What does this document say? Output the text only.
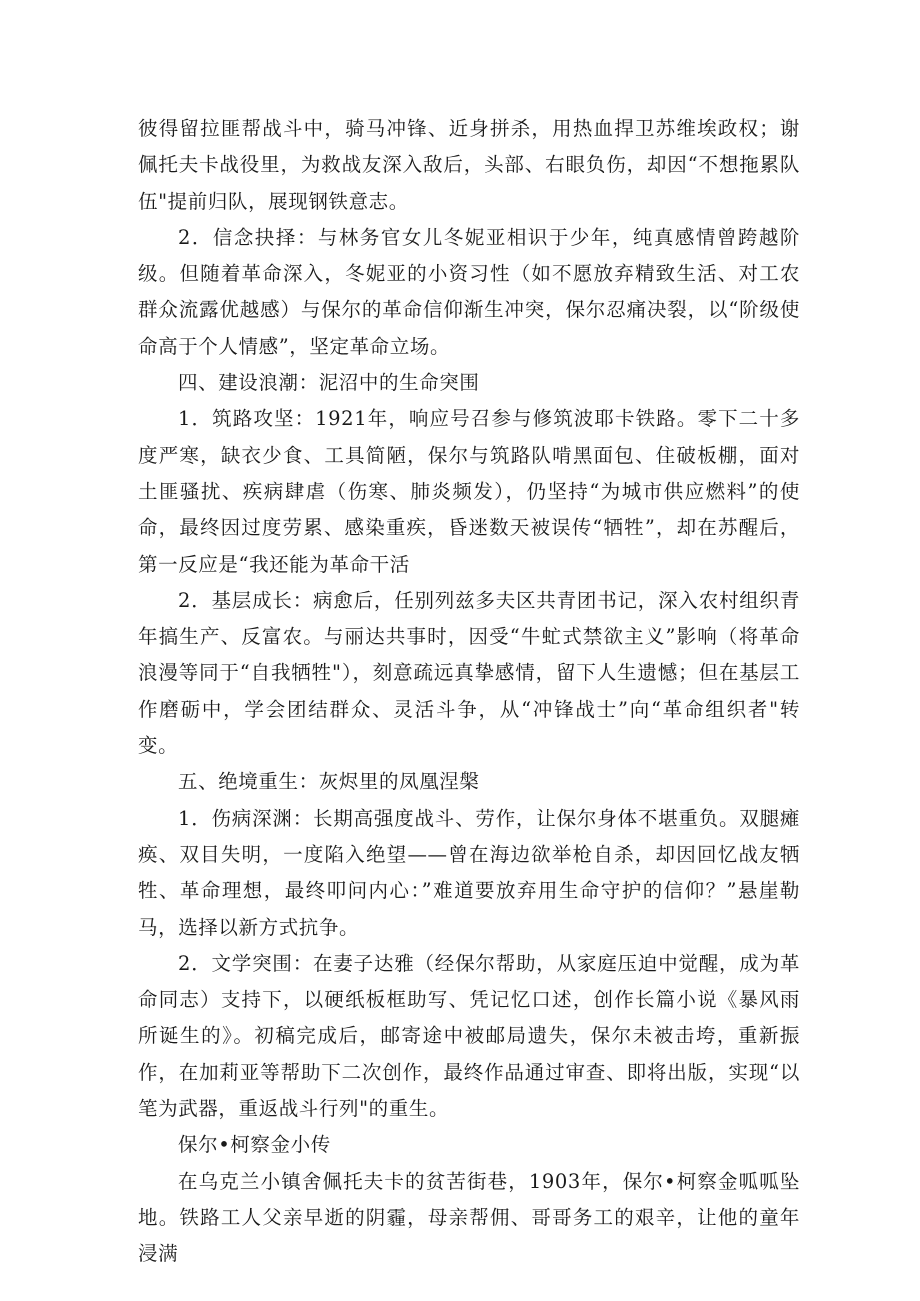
彼得留拉匪帮战斗中，骑马冲锋、近身拼杀，用热血捍卫苏维埃政权；谢佩托夫卡战役里，为救战友深入敌后，头部、右眼负伤，却因“不想拖累队伍"提前归队，展现钢铁意志。

2．信念抉择：与林务官女儿冬妮亚相识于少年，纯真感情曾跨越阶级。但随着革命深入，冬妮亚的小资习性（如不愿放弃精致生活、对工农群众流露优越感）与保尔的革命信仰渐生冲突，保尔忍痛决裂，以“阶级使命高于个人情感”，坚定革命立场。

四、建设浪潮：泥沼中的生命突围

1．筑路攻坚：1921年，响应号召参与修筑波耶卡铁路。零下二十多度严寒，缺衣少食、工具简陋，保尔与筑路队啃黑面包、住破板棚，面对土匪骚扰、疾病肆虐（伤寒、肺炎频发），仍坚持“为城市供应燃料”的使命，最终因过度劳累、感染重疾，昏迷数天被误传“牺牲”，却在苏醒后，第一反应是“我还能为革命干活

2．基层成长：病愈后，任别列兹多夫区共青团书记，深入农村组织青年搞生产、反富农。与丽达共事时，因受“牛虻式禁欲主义”影响（将革命浪漫等同于“自我牺牲"），刻意疏远真挚感情，留下人生遗憾；但在基层工作磨砺中，学会团结群众、灵活斗争，从“冲锋战士”向“革命组织者"转变。

五、绝境重生：灰烬里的凤凰涅槃

1．伤病深渊：长期高强度战斗、劳作，让保尔身体不堪重负。双腿瘫痪、双目失明，一度陷入绝望——曾在海边欲举枪自杀，却因回忆战友牺牲、革命理想，最终叩问内心：”难道要放弃用生命守护的信仰？”悬崖勒马，选择以新方式抗争。

2．文学突围：在妻子达雅（经保尔帮助，从家庭压迫中觉醒，成为革命同志）支持下，以硬纸板框助写、凭记忆口述，创作长篇小说《暴风雨所诞生的》。初稿完成后，邮寄途中被邮局遗失，保尔未被击垮，重新振作，在加莉亚等帮助下二次创作，最终作品通过审查、即将出版，实现“以笔为武器，重返战斗行列"的重生。

保尔•柯察金小传

在乌克兰小镇舍佩托夫卡的贫苦街巷，1903年，保尔•柯察金呱呱坠地。铁路工人父亲早逝的阴霾，母亲帮佣、哥哥务工的艰辛，让他的童年浸满
